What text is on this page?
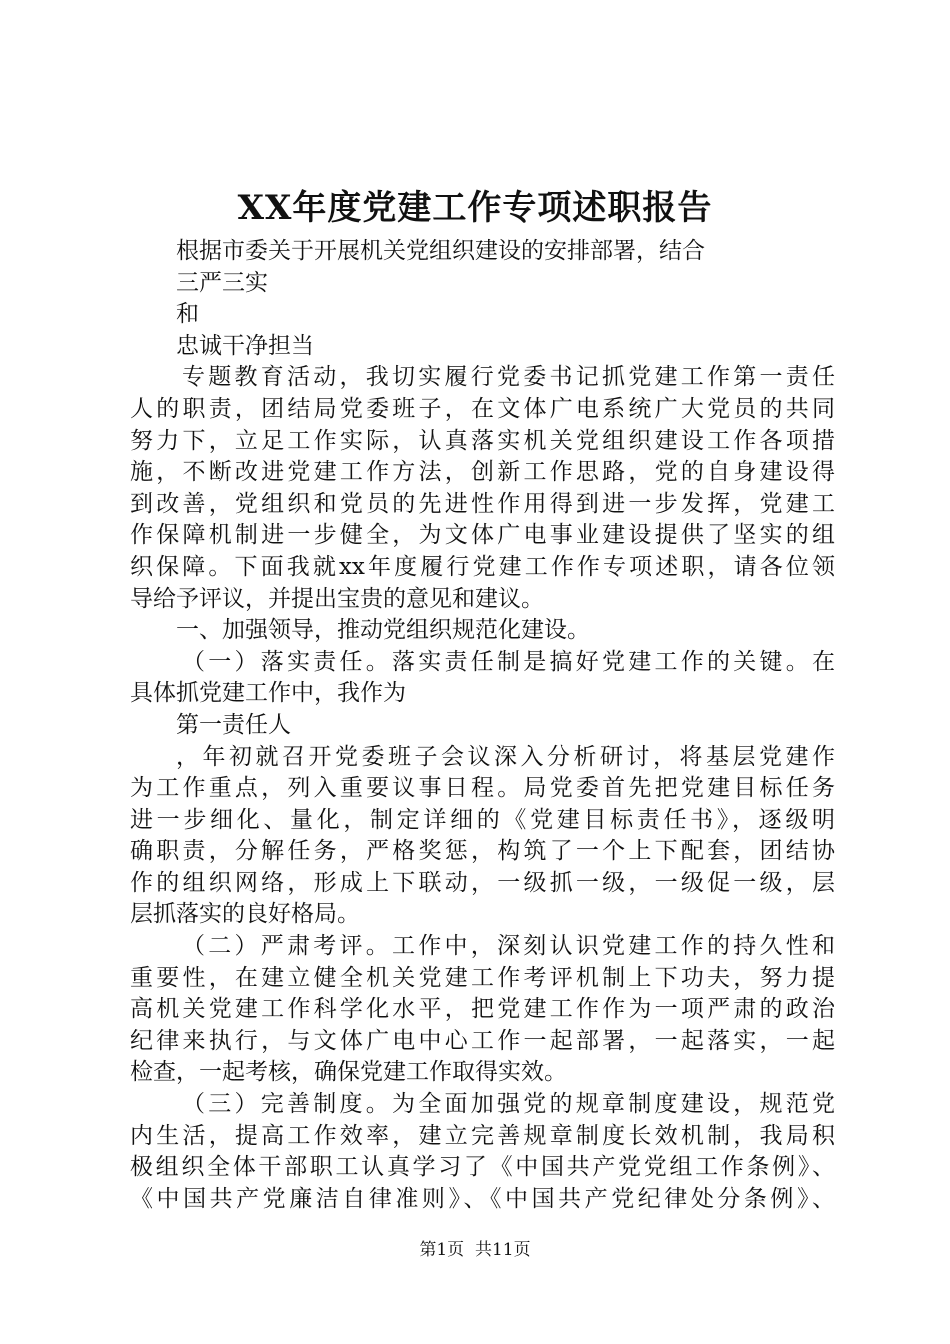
XX年度党建工作专项述职报告
根据市委关于开展机关党组织建设的安排部署，结合
三严三实
和
忠诚干净担当
专题教育活动，我切实履行党委书记抓党建工作第一责任
人的职责，团结局党委班子，在文体广电系统广大党员的共同
努力下，立足工作实际，认真落实机关党组织建设工作各项措
施，不断改进党建工作方法，创新工作思路，党的自身建设得
到改善，党组织和党员的先进性作用得到进一步发挥，党建工
作保障机制进一步健全，为文体广电事业建设提供了坚实的组
织保障。下面我就xx年度履行党建工作作专项述职，请各位领
导给予评议，并提出宝贵的意见和建议。
一、加强领导，推动党组织规范化建设。
（一）落实责任。落实责任制是搞好党建工作的关键。在
具体抓党建工作中，我作为
第一责任人
，年初就召开党委班子会议深入分析研讨，将基层党建作
为工作重点，列入重要议事日程。局党委首先把党建目标任务
进一步细化、量化，制定详细的《党建目标责任书》，逐级明
确职责，分解任务，严格奖惩，构筑了一个上下配套，团结协
作的组织网络，形成上下联动，一级抓一级，一级促一级，层
层抓落实的良好格局。
（二）严肃考评。工作中，深刻认识党建工作的持久性和
重要性，在建立健全机关党建工作考评机制上下功夫，努力提
高机关党建工作科学化水平，把党建工作作为一项严肃的政治
纪律来执行，与文体广电中心工作一起部署，一起落实，一起
检查，一起考核，确保党建工作取得实效。
（三）完善制度。为全面加强党的规章制度建设，规范党
内生活，提高工作效率，建立完善规章制度长效机制，我局积
极组织全体干部职工认真学习了《中国共产党党组工作条例》、
《中国共产党廉洁自律准则》、《中国共产党纪律处分条例》、
第1页  共11页
